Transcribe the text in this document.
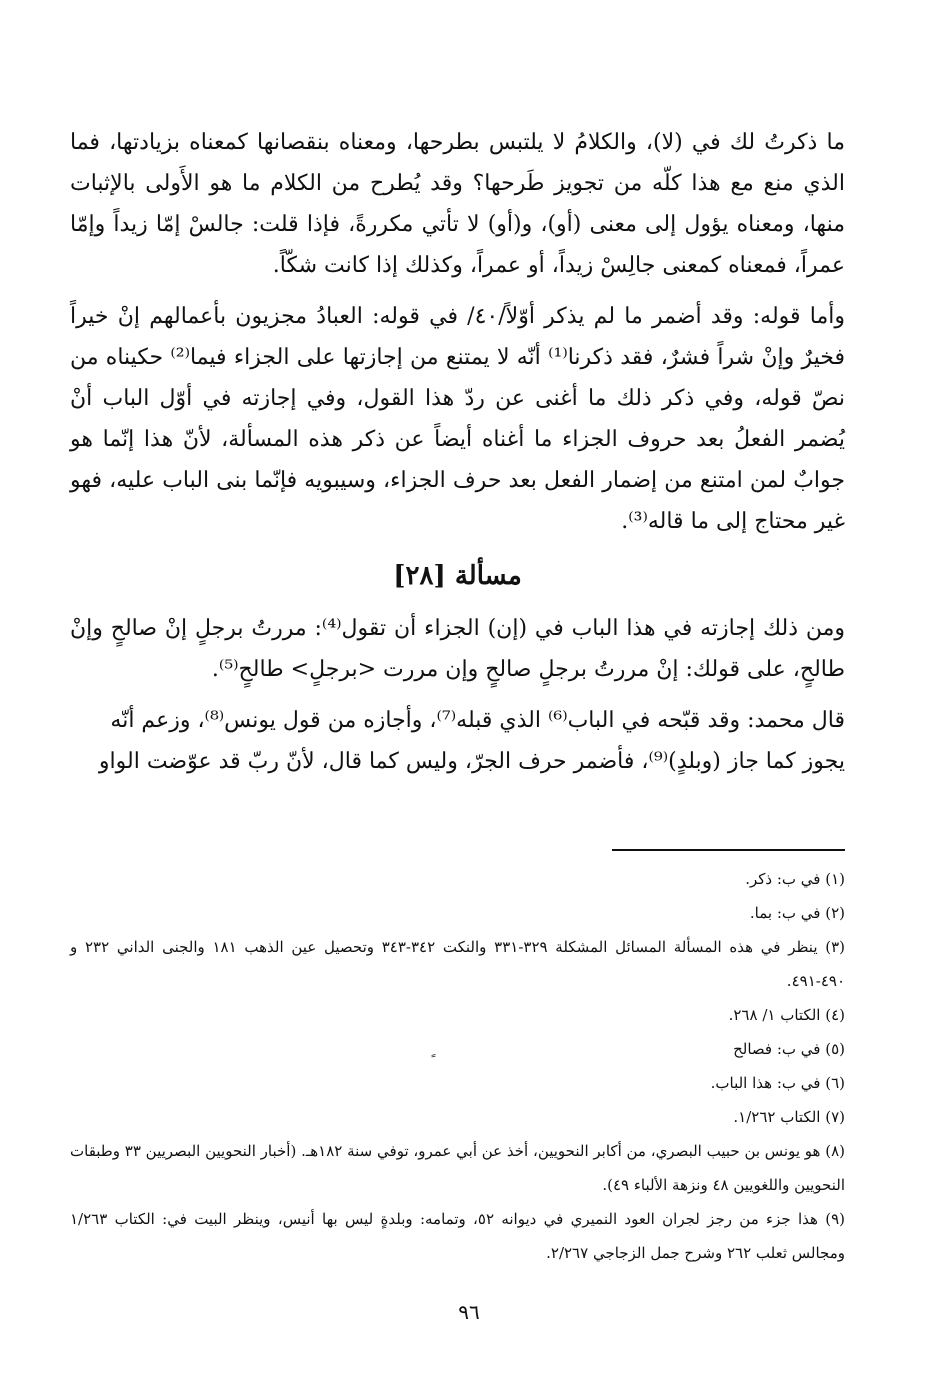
ما ذكرتُ لك في (لا)، والكلامُ لا يلتبس بطرحها، ومعناه بنقصانها كمعناه بزيادتها، فما الذي منع مع هذا كلّه من تجويز طَرحها؟ وقد يُطرح من الكلام ما هو الأَولى بالإثبات منها، ومعناه يؤول إلى معنى (أو)، و(أو) لا تأتي مكررةً، فإذا قلت: جالسْ إمّا زيداً وإمّا عمراً، فمعناه كمعنى جالِسْ زيداً، أو عمراً، وكذلك إذا كانت شكّاً.

وأما قوله: وقد أضمر ما لم يذكر أوّلاً/٤٠/ في قوله: العبادُ مجزيون بأعمالهم إنْ خيراً فخيرٌ وإنْ شراً فشرٌ، فقد ذكرنا⁽¹⁾ أنّه لا يمتنع من إجازتها على الجزاء فيما⁽²⁾ حكيناه من نصّ قوله، وفي ذكر ذلك ما أغنى عن ردّ هذا القول، وفي إجازته في أوّل الباب أنْ يُضمر الفعلُ بعد حروف الجزاء ما أغناه أيضاً عن ذكر هذه المسألة، لأنّ هذا إنّما هو جوابٌ لمن امتنع من إضمار الفعل بعد حرف الجزاء، وسيبويه فإنّما بنى الباب عليه، فهو غير محتاج إلى ما قاله⁽³⁾.

مسألة [٢٨]

ومن ذلك إجازته في هذا الباب في (إن) الجزاء أن تقول⁽⁴⁾: مررتُ برجلٍ إنْ صالحٍ وإنْ طالحٍ، على قولك: إنْ مررتُ برجلٍ صالحٍ وإن مررت <برجلٍ> طالحٍ⁽⁵⁾.

قال محمد: وقد قبّحه في الباب⁽⁶⁾ الذي قبله⁽⁷⁾، وأجازه من قول يونس⁽⁸⁾، وزعم أنّه يجوز كما جاز (وبلدٍ)⁽⁹⁾، فأضمر حرف الجرّ، وليس كما قال، لأنّ ربّ قد عوّضت الواو

(١) في ب: ذكر.

(٢) في ب: بما.

(٣) ينظر في هذه المسألة المسائل المشكلة ٣٢٩-٣٣١ والنكت ٣٤٢-٣٤٣ وتحصيل عين الذهب ١٨١ والجنى الداني ٢٣٢ و ٤٩٠-٤٩١.

(٤) الكتاب ١/ ٢٦٨.

(٥) في ب: فصالح

(٦) في ب: هذا الباب.

(٧) الكتاب ١/٢٦٢.

(٨) هو يونس بن حبيب البصري، من أكابر النحويين، أخذ عن أبي عمرو، توفي سنة ١٨٢هـ. (أخبار النحويين البصريين ٣٣ وطبقات النحويين واللغويين ٤٨ ونزهة الألباء ٤٩).

(٩) هذا جزء من رجز لجران العود النميري في ديوانه ٥٢، وتمامه: وبلدةٍ ليس بها أنيس، وينظر البيت في: الكتاب ١/٢٦٣ ومجالس ثعلب ٢٦٢ وشرح جمل الزجاجي ٢/٢٦٧.

٩٦
